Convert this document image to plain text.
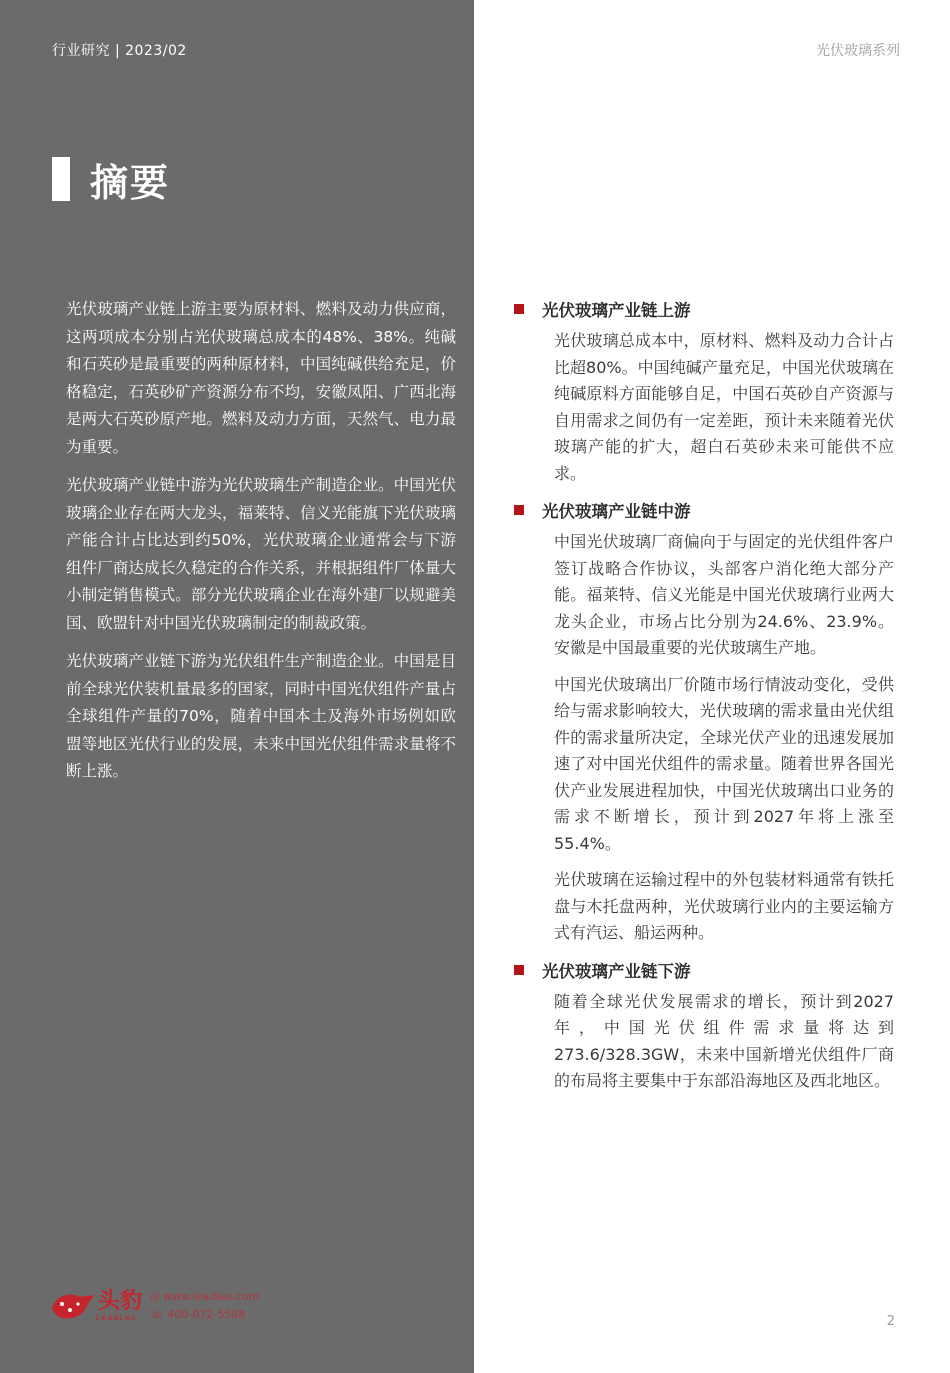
行业研究 | 2023/02	光伏玻璃系列
摘要

光伏玻璃产业链上游主要为原材料、燃料及动力供应商，这两项成本分别占光伏玻璃总成本的48%、38%。纯碱和石英砂是最重要的两种原材料，中国纯碱供给充足，价格稳定，石英砂矿产资源分布不均，安徽凤阳、广西北海是两大石英砂原产地。燃料及动力方面，天然气、电力最为重要。

光伏玻璃产业链中游为光伏玻璃生产制造企业。中国光伏玻璃企业存在两大龙头，福莱特、信义光能旗下光伏玻璃产能合计占比达到约50%，光伏玻璃企业通常会与下游组件厂商达成长久稳定的合作关系，并根据组件厂体量大小制定销售模式。部分光伏玻璃企业在海外建厂以规避美国、欧盟针对中国光伏玻璃制定的制裁政策。

光伏玻璃产业链下游为光伏组件生产制造企业。中国是目前全球光伏装机量最多的国家，同时中国光伏组件产量占全球组件产量的70%，随着中国本土及海外市场例如欧盟等地区光伏行业的发展，未来中国光伏组件需求量将不断上涨。

光伏玻璃产业链上游

光伏玻璃总成本中，原材料、燃料及动力合计占比超80%。中国纯碱产量充足，中国光伏玻璃在纯碱原料方面能够自足，中国石英砂自产资源与自用需求之间仍有一定差距，预计未来随着光伏玻璃产能的扩大，超白石英砂未来可能供不应求。

光伏玻璃产业链中游

中国光伏玻璃厂商偏向于与固定的光伏组件客户签订战略合作协议，头部客户消化绝大部分产能。福莱特、信义光能是中国光伏玻璃行业两大龙头企业，市场占比分别为24.6%、23.9%。安徽是中国最重要的光伏玻璃生产地。

中国光伏玻璃出厂价随市场行情波动变化，受供给与需求影响较大，光伏玻璃的需求量由光伏组件的需求量所决定，全球光伏产业的迅速发展加速了对中国光伏组件的需求量。随着世界各国光伏产业发展进程加快，中国光伏玻璃出口业务的需求不断增长，预计到2027年将上涨至55.4%。

光伏玻璃在运输过程中的外包装材料通常有铁托盘与木托盘两种，光伏玻璃行业内的主要运输方式有汽运、船运两种。

光伏玻璃产业链下游

随着全球光伏发展需求的增长，预计到2027年，中国光伏组件需求量将达到273.6/328.3GW，未来中国新增光伏组件厂商的布局将主要集中于东部沿海地区及西北地区。

头豹
LeadLeo
◎ www.leadleo.com
☏ 400-072-5588	2
